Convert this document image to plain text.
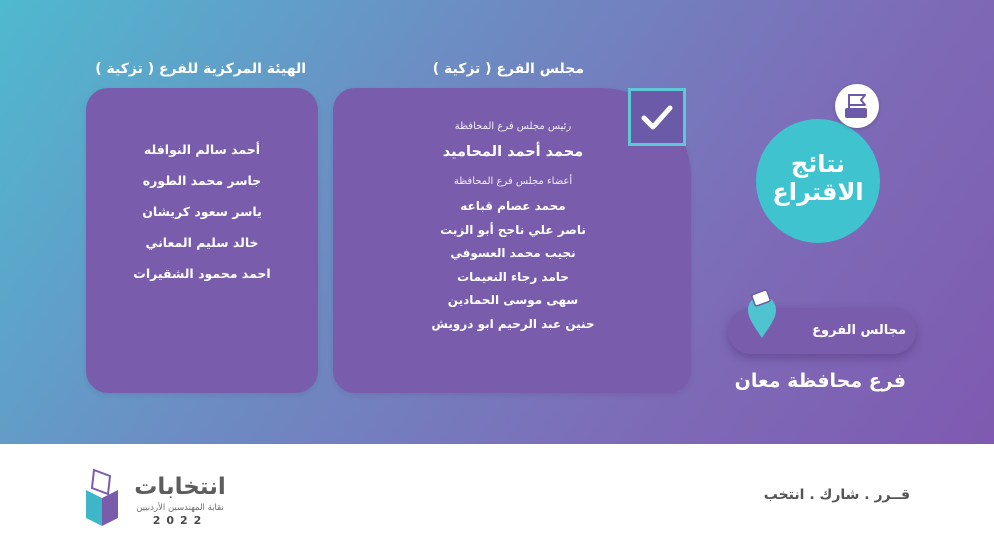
الهيئة المركزية للفرع ( تزكية )
أحمد سالم النوافله
جاسر محمد الطوره
ياسر سعود كريشان
خالد سليم المعاني
احمد محمود الشقيرات
مجلس الفرع ( تزكية )
رئيس مجلس فرع المحافظة
محمد أحمد المحاميد
أعضاء مجلس فرع المحافظة
محمد عصام قباعه
ناصر علي ناجح أبو الزيت
نجيب محمد العسوفي
حامد رجاء النعيمات
سهى موسى الحمادين
حنين عبد الرحيم ابو درويش
نتائج
الاقتراع
مجالس الفروع
فرع محافظة معان
انتخابات
نقابة المهندسين الأردنيين
2022
قــرر . شارك . انتخب
